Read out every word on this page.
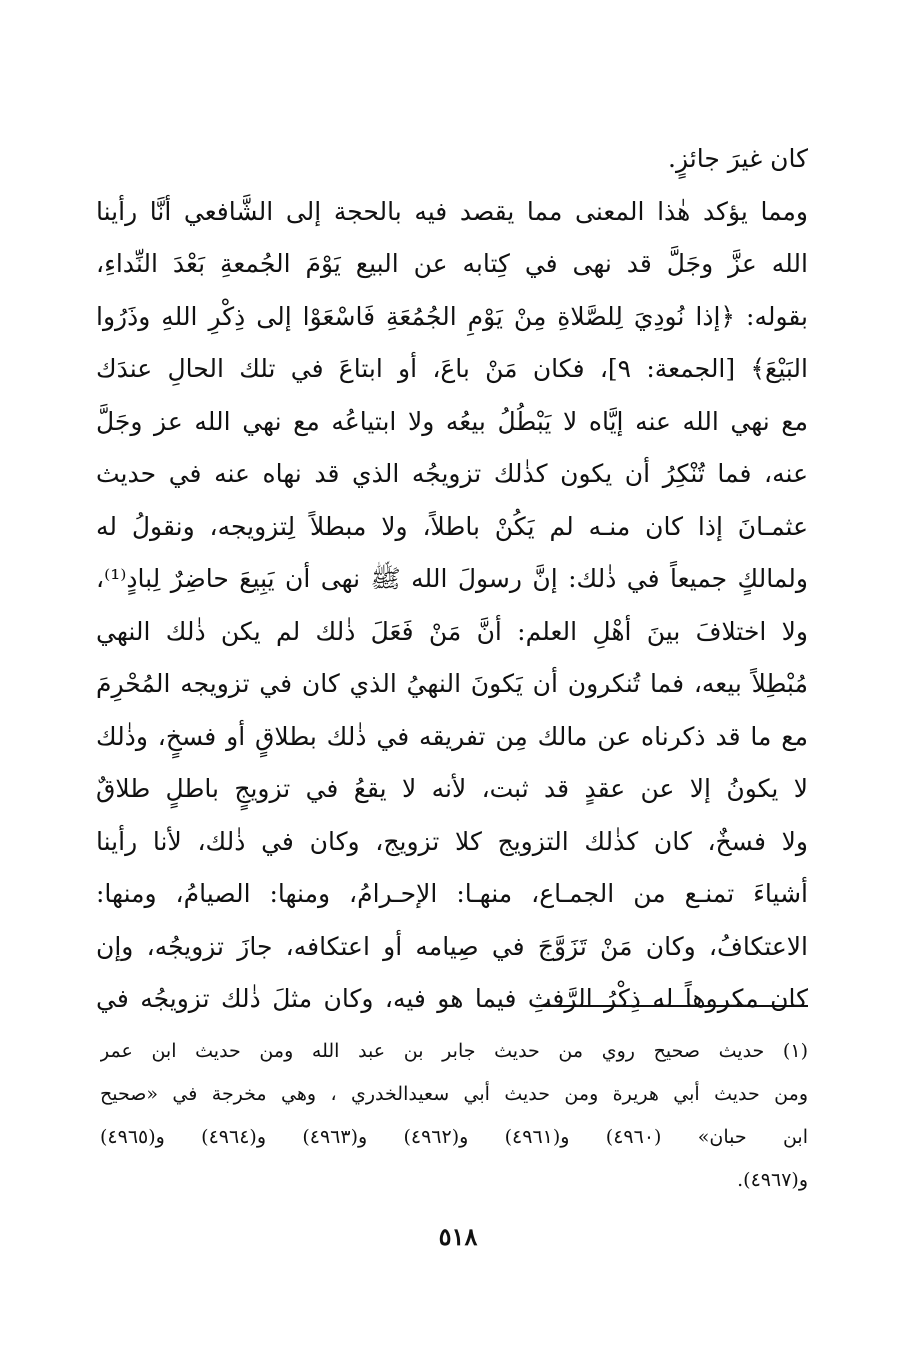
كان غيرَ جائزٍ.
ومما يؤكد هٰذا المعنى مما يقصد فيه بالحجة إلى الشَّافعي أنَّا رأينا
الله عزَّ وجَلَّ قد نهى في كِتابه عن البيع يَوْمَ الجُمعةِ بَعْدَ النِّداءِ،
بقوله: ﴿إذا نُودِيَ لِلصَّلاةِ مِنْ يَوْمِ الجُمُعَةِ فَاسْعَوْا إلى ذِكْرِ اللهِ وذَرُوا
البَيْعَ﴾ [الجمعة: ٩]، فكان مَنْ باعَ، أو ابتاعَ في تلك الحالِ عندَك
مع نهي الله عنه إيَّاه لا يَبْطُلُ بيعُه ولا ابتياعُه مع نهي الله عز وجَلَّ
عنه، فما تُنْكِرُ أن يكون كذٰلك تزويجُه الذي قد نهاه عنه في حديث
عثمـانَ إذا كان منـه لم يَكُنْ باطلاً، ولا مبطلاً لِتزويجه، ونقولُ له
ولمالكٍ جميعاً في ذٰلك: إنَّ رسولَ الله ﷺ نهى أن يَبِيعَ حاضِرٌ لِبادٍ⁽¹⁾،
ولا اختلافَ بينَ أهْلِ العلم: أنَّ مَنْ فَعَلَ ذٰلك لم يكن ذٰلك النهي
مُبْطِلاً بيعه، فما تُنكرون أن يَكونَ النهيُ الذي كان في تزويجه المُحْرِمَ
مع ما قد ذكرناه عن مالك مِن تفريقه في ذٰلك بطلاقٍ أو فسخٍ، وذٰلك
لا يكونُ إلا عن عقدٍ قد ثبت، لأنه لا يقعُ في تزويجٍ باطلٍ طلاقٌ
ولا فسخٌ، كان كذٰلك التزويج كلا تزويج، وكان في ذٰلك، لأنا رأينا
أشياءَ تمنـع من الجمـاع، منهـا: الإحـرامُ، ومنها: الصيامُ، ومنها:
الاعتكافُ، وكان مَنْ تَزَوَّجَ في صِيامه أو اعتكافه، جازَ تزويجُه، وإن
كان مكروهاً له ذِكْرُ الرَّفثِ فيما هو فيه، وكان مثلَ ذٰلك تزويجُه في
(١) حديث صحيح روي من حديث جابر بن عبد الله ومن حديث ابن عمر
ومن حديث أبي هريرة ومن حديث أبي سعيدالخدري ، وهي مخرجة في «صحيح
ابن حبان» (٤٩٦٠) و(٤٩٦١) و(٤٩٦٢) و(٤٩٦٣) و(٤٩٦٤) و(٤٩٦٥)
و(٤٩٦٧).
٥١٨
